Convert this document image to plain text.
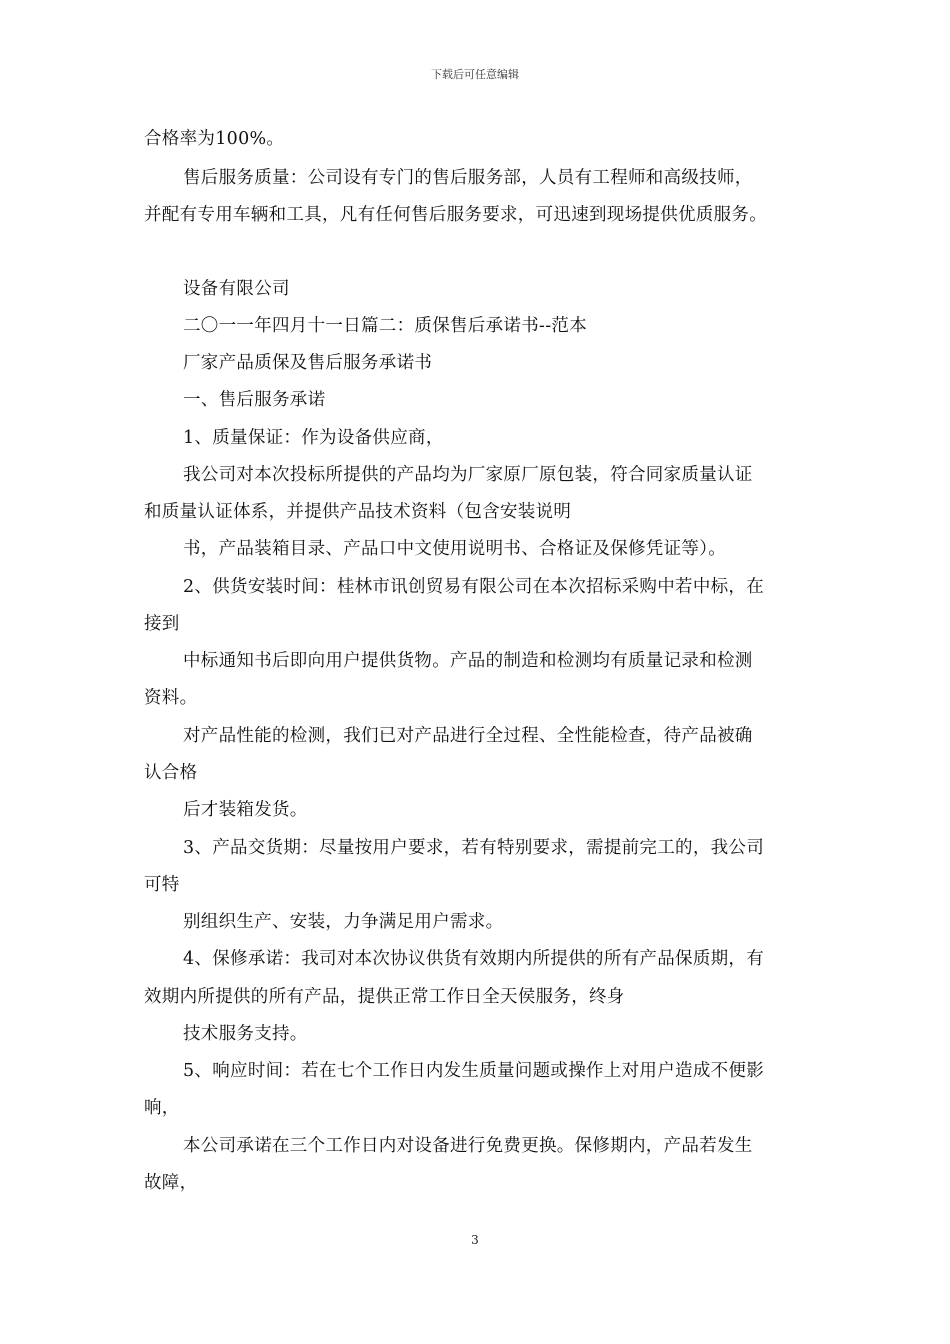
下载后可任意编辑
合格率为100%。
售后服务质量：公司设有专门的售后服务部，人员有工程师和高级技师，
并配有专用车辆和工具，凡有任何售后服务要求，可迅速到现场提供优质服务。
设备有限公司
二〇一一年四月十一日篇二：质保售后承诺书--范本
厂家产品质保及售后服务承诺书
一、售后服务承诺
1、质量保证：作为设备供应商，
我公司对本次投标所提供的产品均为厂家原厂原包装，符合同家质量认证
和质量认证体系，并提供产品技术资料（包含安装说明
书，产品装箱目录、产品口中文使用说明书、合格证及保修凭证等）。
2、供货安装时间：桂林市讯创贸易有限公司在本次招标采购中若中标，在
接到
中标通知书后即向用户提供货物。产品的制造和检测均有质量记录和检测
资料。
对产品性能的检测，我们已对产品进行全过程、全性能检查，待产品被确
认合格
后才装箱发货。
3、产品交货期：尽量按用户要求，若有特别要求，需提前完工的，我公司
可特
别组织生产、安装，力争满足用户需求。
4、保修承诺：我司对本次协议供货有效期内所提供的所有产品保质期，有
效期内所提供的所有产品，提供正常工作日全天侯服务，终身
技术服务支持。
5、响应时间：若在七个工作日内发生质量问题或操作上对用户造成不便影
响，
本公司承诺在三个工作日内对设备进行免费更换。保修期内，产品若发生
故障，
3
